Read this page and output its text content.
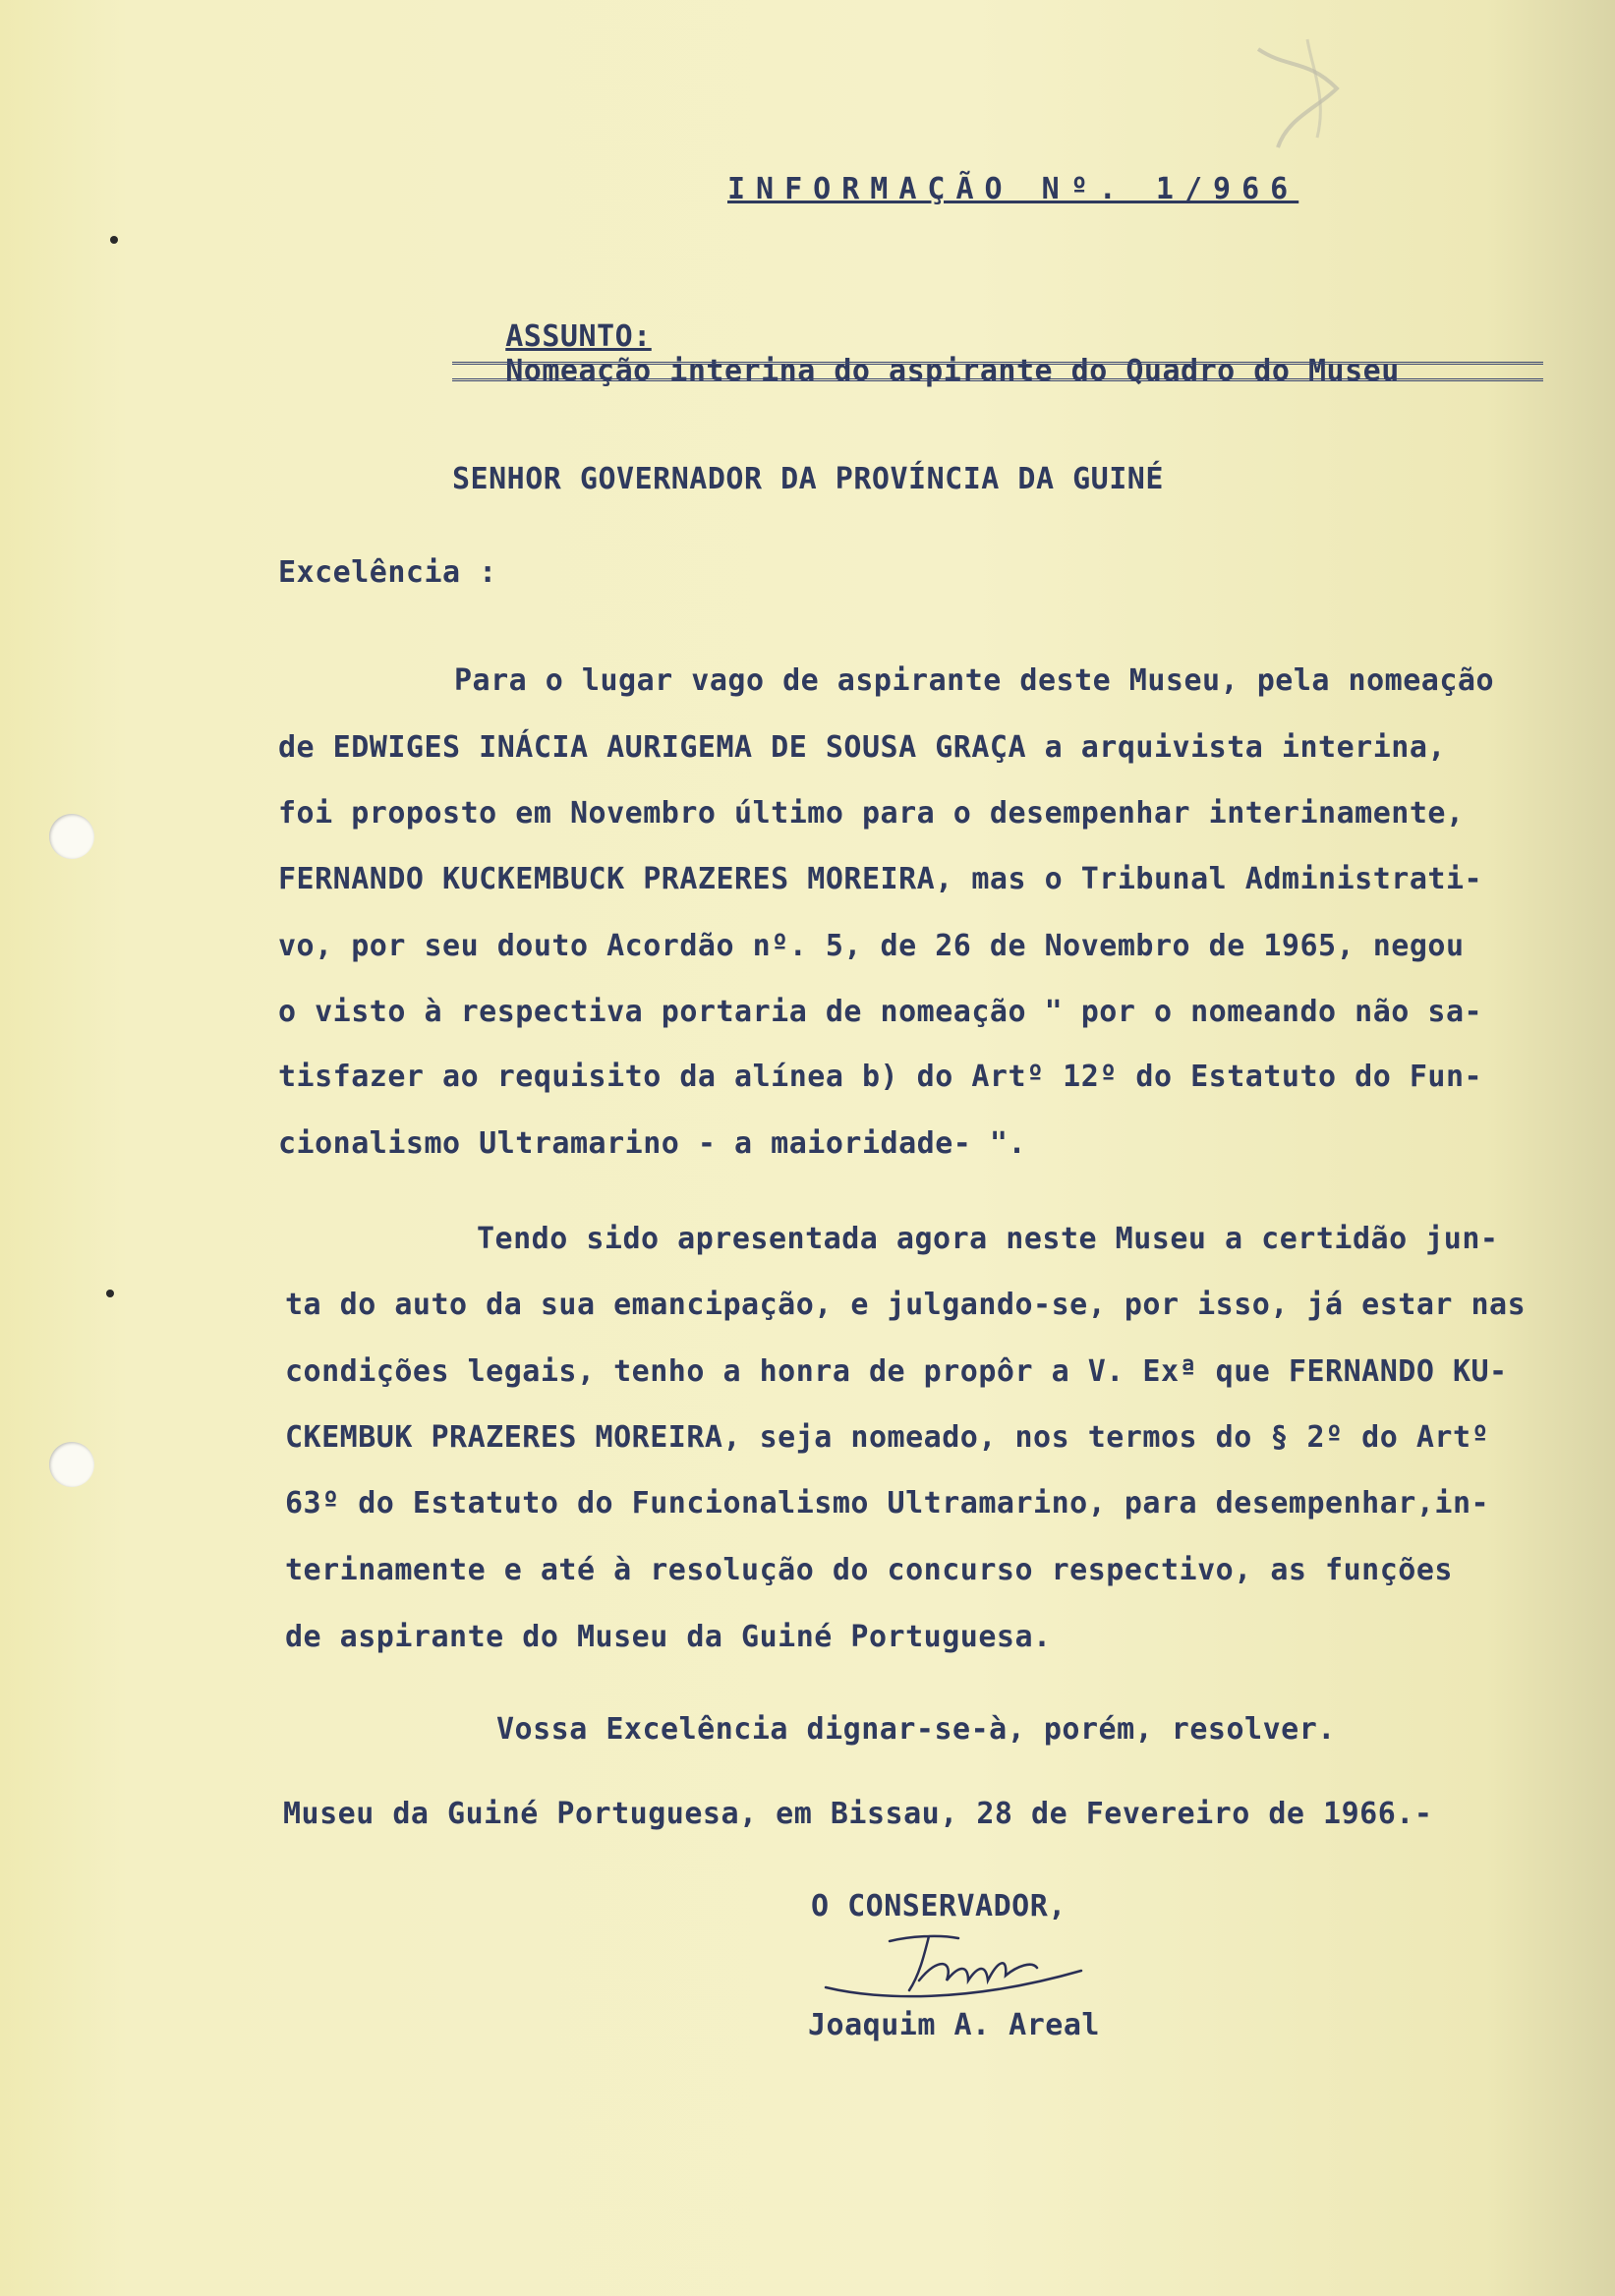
INFORMAÇÃO Nº. 1/966

ASSUNTO:
Nomeação interina do aspirante do Quadro do Museu

SENHOR GOVERNADOR DA PROVÍNCIA DA GUINÉ
Excelência :
Para o lugar vago de aspirante deste Museu, pela nomeação
de EDWIGES INÁCIA AURIGEMA DE SOUSA GRAÇA a arquivista interina,
foi proposto em Novembro último para o desempenhar interinamente,
FERNANDO KUCKEMBUCK PRAZERES MOREIRA, mas o Tribunal Administrati-
vo, por seu douto Acordão nº. 5, de 26 de Novembro de 1965, negou
o visto à respectiva portaria de nomeação " por o nomeando não sa-
tisfazer ao requisito da alínea b) do Artº 12º do Estatuto do Fun-
cionalismo Ultramarino - a maioridade- ".
Tendo sido apresentada agora neste Museu a certidão jun-
ta do auto da sua emancipação, e julgando-se, por isso, já estar nas
condições legais, tenho a honra de propôr a V. Exª que FERNANDO KU-
CKEMBUK PRAZERES MOREIRA, seja nomeado, nos termos do § 2º do Artº
63º do Estatuto do Funcionalismo Ultramarino, para desempenhar,in-
terinamente e até à resolução do concurso respectivo, as funções
de aspirante do Museu da Guiné Portuguesa.
Vossa Excelência dignar-se-à, porém, resolver.
Museu da Guiné Portuguesa, em Bissau, 28 de Fevereiro de 1966.-
O CONSERVADOR,
Joaquim A. Areal
